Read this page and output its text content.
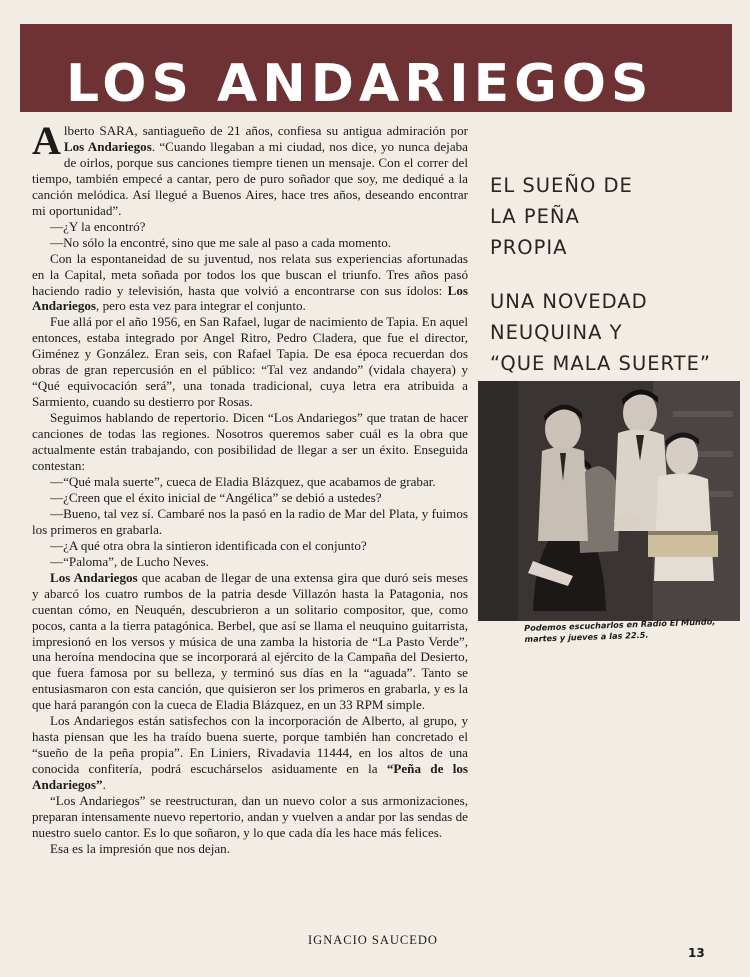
LOS ANDARIEGOS

Alberto SARA, santiagueño de 21 años, confiesa su antigua admiración por Los Andariegos. “Cuando llegaban a mi ciudad, nos dice, yo nunca dejaba de oirlos, porque sus canciones tiempre tienen un mensaje. Con el correr del tiempo, también empecé a cantar, pero de puro soñador que soy, me dediqué a la canción melódica. Así llegué a Buenos Aires, hace tres años, deseando encontrar mi oportunidad”.

—¿Y la encontró?

—No sólo la encontré, sino que me sale al paso a cada momento.

Con la espontaneidad de su juventud, nos relata sus experiencias afortunadas en la Capital, meta soñada por todos los que buscan el triunfo. Tres años pasó haciendo radio y televisión, hasta que volvió a encontrarse con sus ídolos: Los Andariegos, pero esta vez para integrar el conjunto.

Fue allá por el año 1956, en San Rafael, lugar de nacimiento de Tapia. En aquel entonces, estaba integrado por Angel Ritro, Pedro Cladera, que fue el director, Giménez y González. Eran seis, con Rafael Tapia. De esa época recuerdan dos obras de gran repercusión en el público: “Tal vez andando” (vidala chayera) y “Qué equivocación será”, una tonada tradicional, cuya letra era atribuida a Sarmiento, cuando su destierro por Rosas.

Seguimos hablando de repertorio. Dicen “Los Andariegos” que tratan de hacer canciones de todas las regiones. Nosotros queremos saber cuál es la obra que actualmente están trabajando, con posibilidad de llegar a ser un éxito. Enseguida contestan:

—“Qué mala suerte”, cueca de Eladia Blázquez, que acabamos de grabar.

—¿Creen que el éxito inicial de “Angélica” se debió a ustedes?

—Bueno, tal vez sí. Cambaré nos la pasó en la radio de Mar del Plata, y fuimos los primeros en grabarla.

—¿A qué otra obra la sintieron identificada con el conjunto?

—“Paloma”, de Lucho Neves.

Los Andariegos que acaban de llegar de una extensa gira que duró seis meses y abarcó los cuatro rumbos de la patria desde Villazón hasta la Patagonia, nos cuentan cómo, en Neuquén, descubrieron a un solitario compositor, que, como pocos, canta a la tierra patagónica. Berbel, que así se llama el neuquino guitarrista, impresionó en los versos y música de una zamba la historia de “La Pasto Verde”, una heroína mendocina que se incorporará al ejército de la Campaña del Desierto, que fuera famosa por su belleza, y terminó sus días en la “aguada”. Tanto se entusiasmaron con esta canción, que quisieron ser los primeros en grabarla, y es la que hará parangón con la cueca de Eladia Blázquez, en un 33 RPM simple.

Los Andariegos están satisfechos con la incorporación de Alberto, al grupo, y hasta piensan que les ha traído buena suerte, porque también han concretado el “sueño de la peña propia”. En Liniers, Rivadavia 11444, en los altos de una conocida confitería, podrá escuchárselos asiduamente en la “Peña de los Andariegos”.

“Los Andariegos” se reestructuran, dan un nuevo color a sus armonizaciones, preparan intensamente nuevo repertorio, andan y vuelven a andar por las sendas de nuestro suelo cantor. Es lo que soñaron, y lo que cada día les hace más felices.

Esa es la impresión que nos dejan.

IGNACIO SAUCEDO
EL SUEÑO DE
LA PEÑA
PROPIA
UNA NOVEDAD
NEUQUINA Y
“QUE MALA SUERTE”
Podemos escucharlos en Radio El Mundo, martes y jueves a las 22.5.
13
